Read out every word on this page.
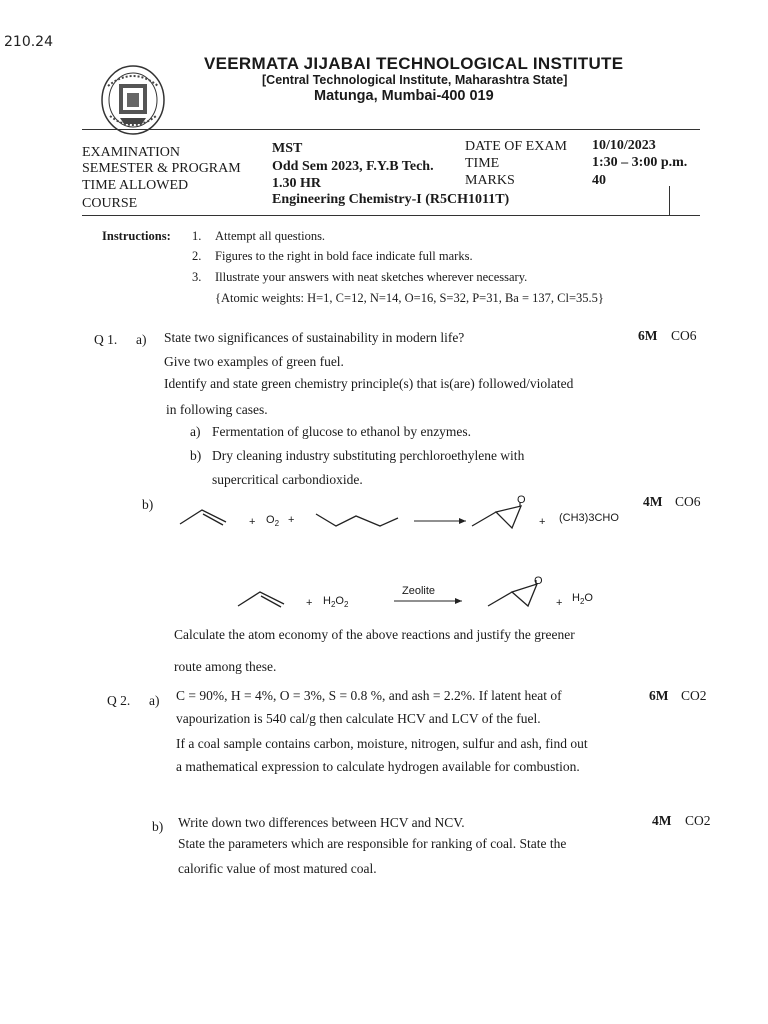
210.24
VEERMATA JIJABAI TECHNOLOGICAL INSTITUTE
[Central Technological Institute, Maharashtra State]
Matunga, Mumbai-400 019
EXAMINATION
SEMESTER & PROGRAM
TIME ALLOWED
COURSE
MST
Odd Sem 2023, F.Y.B Tech.
1.30 HR
Engineering Chemistry-I (R5CH1011T)
DATE OF EXAM
TIME
MARKS
10/10/2023
1:30 – 3:00 p.m.
40
Instructions: 1. Attempt all questions.
2. Figures to the right in bold face indicate full marks.
3. Illustrate your answers with neat sketches wherever necessary.
{Atomic weights: H=1, C=12, N=14, O=16, S=32, P=31, Ba = 137, Cl=35.5}
Q 1. a) State two significances of sustainability in modern life?
Give two examples of green fuel.
Identify and state green chemistry principle(s) that is(are) followed/violated
in following cases.
a) Fermentation of glucose to ethanol by enzymes.
b) Dry cleaning industry substituting perchloroethylene with
supercritical carbondioxide.
6M CO6
b)	4M CO6
+ $O_2$ +
O
+ (CH3)3CHO
+ $H_2O_2$
Zeolite
O
+ $H_2O$
Calculate the atom economy of the above reactions and justify the greener
route among these.
Q 2. a) C = 90%, H = 4%, O = 3%, S = 0.8 %, and ash = 2.2%. If latent heat of
vapourization is 540 cal/g then calculate HCV and LCV of the fuel.
If a coal sample contains carbon, moisture, nitrogen, sulfur and ash, find out
a mathematical expression to calculate hydrogen available for combustion.
6M CO2
b) Write down two differences between HCV and NCV.
State the parameters which are responsible for ranking of coal. State the
calorific value of most matured coal.
4M CO2
